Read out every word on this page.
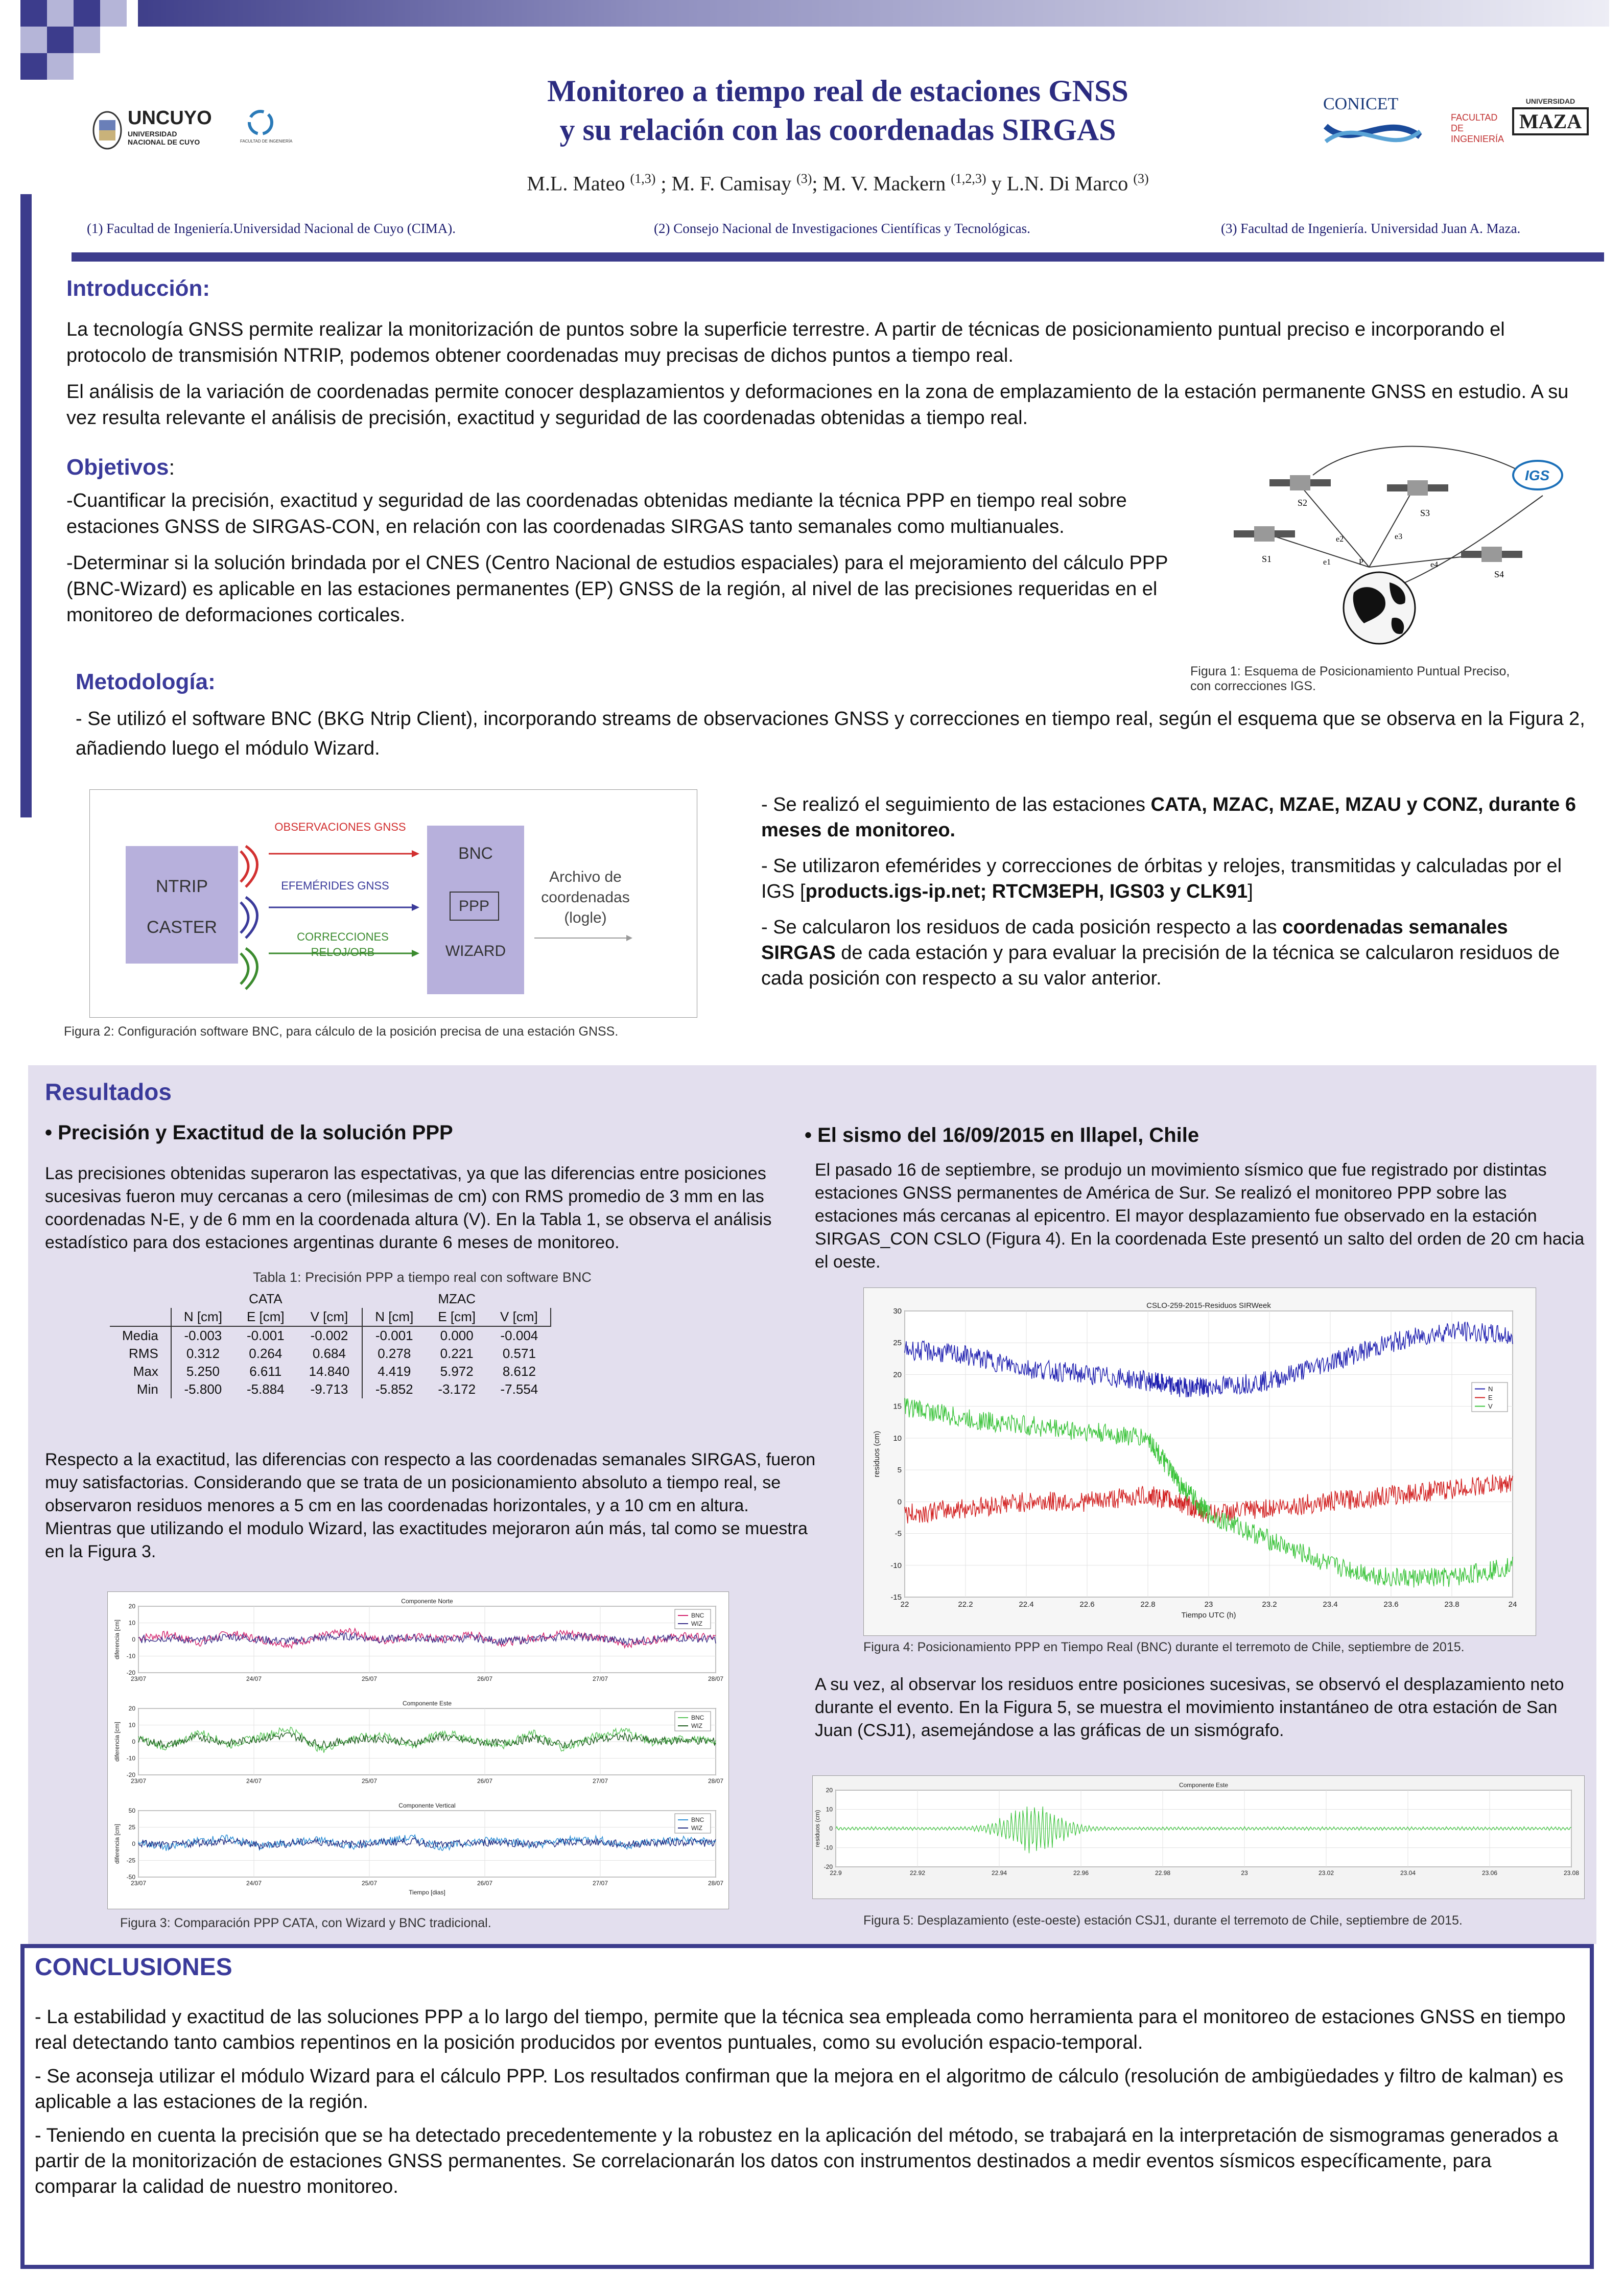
UNCUYO
UNIVERSIDAD
NACIONAL DE CUYO	FACULTAD DE INGENIERÍA
CONICET
FACULTAD DE
INGENIERÍA
UNIVERSIDAD
MAZA
Monitoreo a tiempo real de estaciones GNSS
y su relación con las coordenadas SIRGAS
M.L. Mateo $^{(1,3)}$ ; M. F. Camisay $^{(3)}$; M. V. Mackern $^{(1,2,3)}$ y L.N. Di Marco $^{(3)}$
(1) Facultad de Ingeniería.Universidad Nacional de Cuyo (CIMA).	(2) Consejo Nacional de Investigaciones Científicas y Tecnológicas.	(3) Facultad de Ingeniería. Universidad Juan A. Maza.
Introducción:

La tecnología GNSS permite realizar la monitorización de puntos sobre la superficie terrestre. A partir de técnicas de posicionamiento puntual preciso e incorporando el protocolo de transmisión NTRIP, podemos obtener coordenadas muy precisas de dichos puntos a tiempo real.

El análisis de la variación de coordenadas permite conocer desplazamientos y deformaciones en la zona de emplazamiento de la estación permanente GNSS en estudio. A su vez resulta relevante el análisis de precisión, exactitud y seguridad de las coordenadas obtenidas a tiempo real.

Objetivos:

-Cuantificar la precisión, exactitud y seguridad de las coordenadas obtenidas mediante la técnica PPP en tiempo real sobre estaciones GNSS de SIRGAS-CON, en relación con las coordenadas SIRGAS tanto semanales como multianuales.

-Determinar si la solución brindada por el CNES (Centro Nacional de estudios espaciales) para el mejoramiento del cálculo PPP (BNC-Wizard) es aplicable en las estaciones permanentes (EP) GNSS de la región, al nivel de las precisiones requeridas en el monitoreo de deformaciones corticales.

S2
S3
S1
S4
e2	e3
e1	e4
P
IGS
Figura 1: Esquema de Posicionamiento Puntual Preciso,
con correcciones IGS.
Metodología:
- Se utilizó el software BNC (BKG Ntrip Client), incorporando streams de observaciones GNSS y correcciones en tiempo real, según el esquema que se observa en la Figura 2, añadiendo luego el módulo Wizard.
NTRIP
CASTER
OBSERVACIONES GNSS
EFEMÉRIDES GNSS
CORRECCIONES
RELOJ/ORB
BNC
PPP
WIZARD
Archivo de
coordenadas
(logle)
Figura 2: Configuración software BNC, para cálculo de la posición precisa de una estación GNSS.

- Se realizó el seguimiento de las estaciones CATA, MZAC, MZAE, MZAU y CONZ, durante 6 meses de monitoreo.

- Se utilizaron efemérides y correcciones de órbitas y relojes, transmitidas y calculadas por el IGS [products.igs-ip.net; RTCM3EPH, IGS03 y CLK91]

- Se calcularon los residuos de cada posición respecto a las coordenadas semanales SIRGAS de cada estación y para evaluar la precisión de la técnica se calcularon residuos de cada posición con respecto a su valor anterior.

Resultados
• Precisión y Exactitud de la solución PPP
Las precisiones obtenidas superaron las espectativas, ya que las diferencias entre posiciones sucesivas fueron muy cercanas a cero (milesimas de cm) con RMS promedio de 3 mm en las coordenadas N-E, y de 6 mm en la coordenada altura (V). En la Tabla 1, se observa el análisis estadístico para dos estaciones argentinas durante 6 meses de monitoreo.
Tabla 1: Precisión PPP a tiempo real con software BNC
		CATA			MZAC	
	N [cm]	E [cm]	V [cm]	N [cm]	E [cm]	V [cm]
Media	-0.003	-0.001	-0.002	-0.001	0.000	-0.004
RMS	0.312	0.264	0.684	0.278	0.221	0.571
Max	5.250	6.611	14.840	4.419	5.972	8.612
Min	-5.800	-5.884	-9.713	-5.852	-3.172	-7.554
Respecto a la exactitud, las diferencias con respecto a las coordenadas semanales SIRGAS, fueron muy satisfactorias. Considerando que se trata de un posicionamiento absoluto a tiempo real, se observaron residuos menores a 5 cm en las coordenadas horizontales, y a 10 cm en altura. Mientras que utilizando el modulo Wizard, las exactitudes mejoraron aún más, tal como se muestra en la Figura 3.
-20
-10
0
10
20
23/07	24/07	25/07	26/07	27/07	28/07
Componente Norte
diferencia [cm]
BNC
WIZ
-20
-10
0
10
20
23/07	24/07	25/07	26/07	27/07	28/07
Componente Este
diferencia [cm]
BNC
WIZ
-50
-25
0
25
50
23/07	24/07	25/07	26/07	27/07	28/07
Componente Vertical
diferencia [cm]
Tiempo [dias]
BNC
WIZ
Figura 3: Comparación PPP CATA, con Wizard y BNC tradicional.
• El sismo del 16/09/2015 en Illapel, Chile
El pasado 16 de septiembre, se produjo un movimiento sísmico que fue registrado por distintas estaciones GNSS permanentes de América de Sur. Se realizó el monitoreo PPP sobre las estaciones más cercanas al epicentro. El mayor desplazamiento fue observado en la estación SIRGAS_CON CSLO (Figura 4). En la coordenada Este presentó un salto del orden de 20 cm hacia el oeste.
-15
-10
-5
0
5
10
15
20
25
30
22	22.2	22.4	22.6	22.8	23	23.2	23.4	23.6	23.8	24
CSLO-259-2015-Residuos SIRWeek
residuos (cm)
Tiempo UTC (h)
N
E
V
Figura 4: Posicionamiento PPP en Tiempo Real (BNC) durante el terremoto de Chile, septiembre de 2015.
A su vez, al observar los residuos entre posiciones sucesivas, se observó el desplazamiento neto durante el evento. En la Figura 5, se muestra el movimiento instantáneo de otra estación de San Juan (CSJ1), asemejándose a las gráficas de un sismógrafo.
-20
-10
0
10
20
22.9	22.92	22.94	22.96	22.98	23	23.02	23.04	23.06	23.08
Componente Este
residuos (cm)
Figura 5: Desplazamiento (este-oeste) estación CSJ1, durante el terremoto de Chile, septiembre de 2015.
CONCLUSIONES

- La estabilidad y exactitud de las soluciones PPP a lo largo del tiempo, permite que la técnica sea empleada como herramienta para el monitoreo de estaciones GNSS en tiempo real detectando tanto cambios repentinos en la posición producidos por eventos puntuales, como su evolución espacio-temporal.

- Se aconseja utilizar el módulo Wizard para el cálculo PPP. Los resultados confirman que la mejora en el algoritmo de cálculo (resolución de ambigüedades y filtro de kalman) es aplicable a las estaciones de la región.

- Teniendo en cuenta la precisión que se ha detectado precedentemente y la robustez en la aplicación del método, se trabajará en la interpretación de sismogramas generados a partir de la monitorización de estaciones GNSS permanentes. Se correlacionarán los datos con instrumentos destinados a medir eventos sísmicos específicamente, para comparar la calidad de nuestro monitoreo.
